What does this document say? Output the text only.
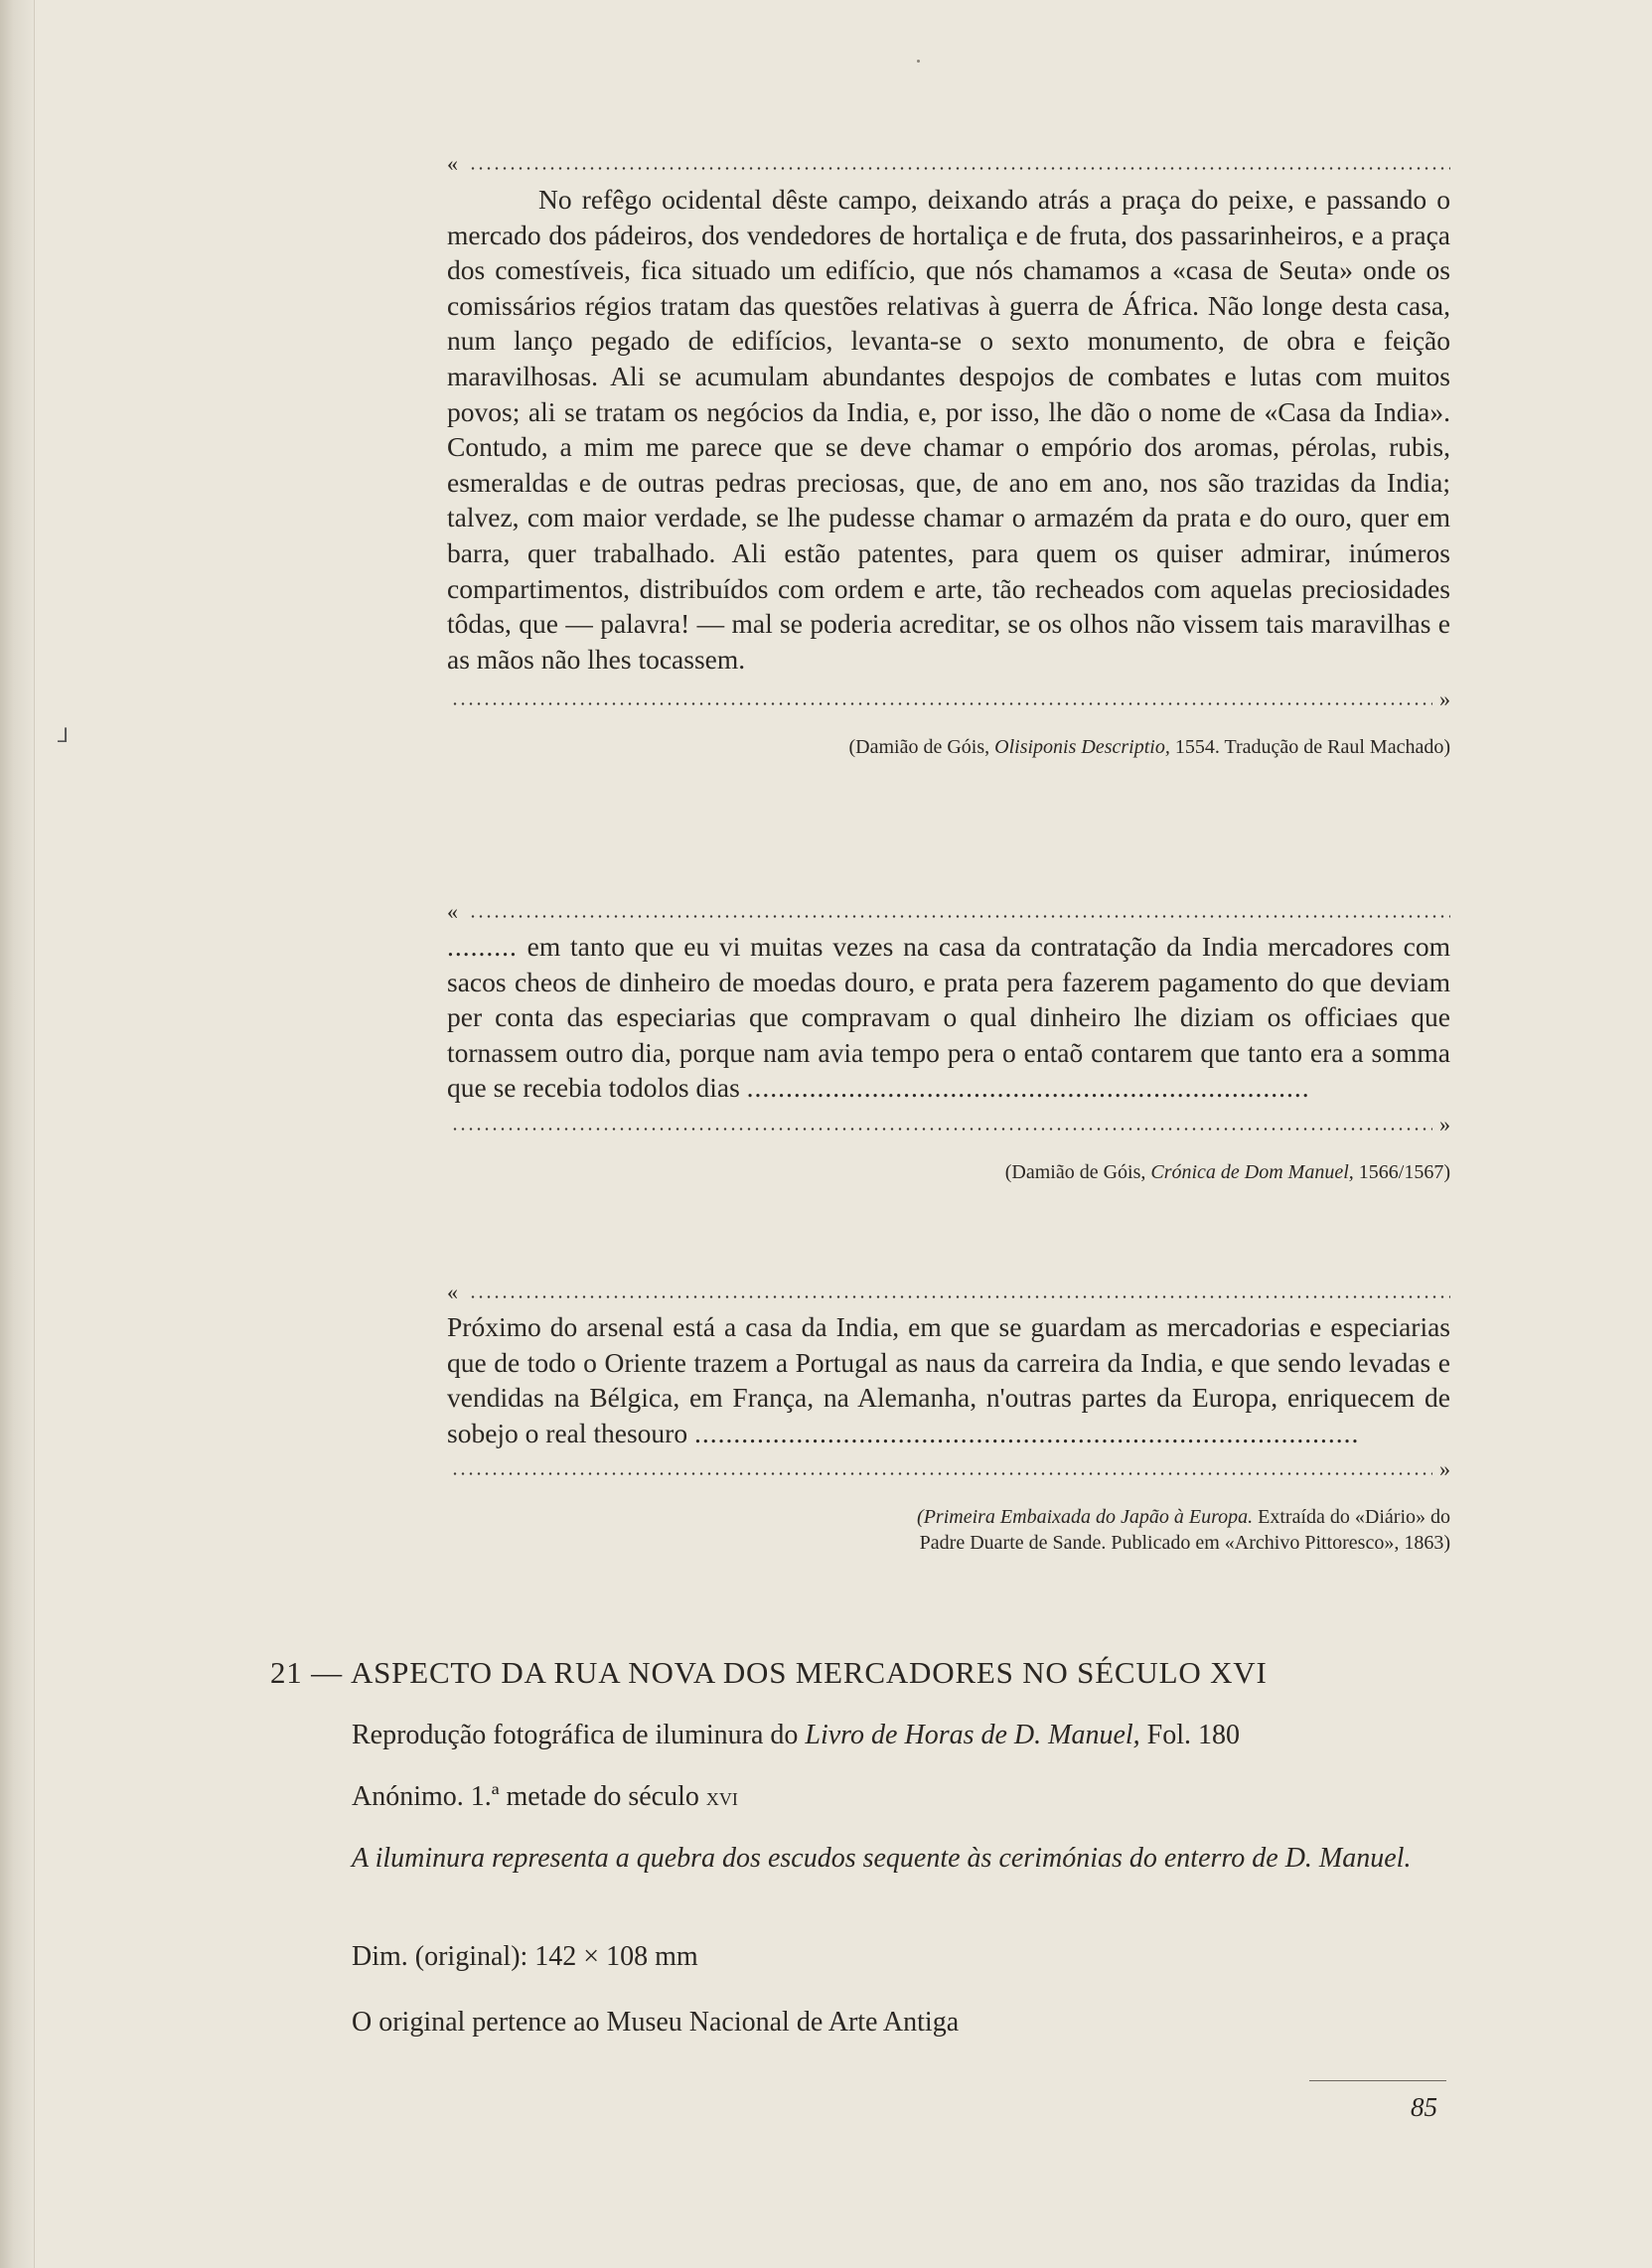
⅃
«
No refêgo ocidental dêste campo, deixando atrás a praça do peixe, e passando o mercado dos pádeiros, dos vendedores de hortaliça e de fruta, dos passarinheiros, e a praça dos comestíveis, fica situado um edifício, que nós chamamos a «casa de Seuta» onde os comissários régios tratam das questões relativas à guerra de África. Não longe desta casa, num lanço pegado de edifícios, levanta-se o sexto monumento, de obra e feição maravilhosas. Ali se acumulam abundantes despojos de combates e lutas com muitos povos; ali se tratam os negócios da India, e, por isso, lhe dão o nome de «Casa da India». Contudo, a mim me parece que se deve chamar o empório dos aromas, pérolas, rubis, esmeraldas e de outras pedras preciosas, que, de ano em ano, nos são trazidas da India; talvez, com maior verdade, se lhe pudesse chamar o armazém da prata e do ouro, quer em barra, quer trabalhado. Ali estão patentes, para quem os quiser admirar, inúmeros compartimentos, distribuídos com ordem e arte, tão recheados com aquelas preciosidades tôdas, que — palavra! — mal se poderia acreditar, se os olhos não vissem tais maravilhas e as mãos não lhes tocassem.
»

(Damião de Góis, Olisiponis Descriptio, 1554. Tradução de Raul Machado)

«
......... em tanto que eu vi muitas vezes na casa da contratação da India mercadores com sacos cheos de dinheiro de moedas douro, e prata pera fazerem pagamento do que deviam per conta das especiarias que compravam o qual dinheiro lhe diziam os officiaes que tornassem outro dia, porque nam avia tempo pera o entaõ contarem que tanto era a somma que se recebia todolos dias ........................................................................
»

(Damião de Góis, Crónica de Dom Manuel, 1566/1567)

«
Próximo do arsenal está a casa da India, em que se guardam as mercadorias e especiarias que de todo o Oriente trazem a Portugal as naus da carreira da India, e que sendo levadas e vendidas na Bélgica, em França, na Alemanha, n'outras partes da Europa, enriquecem de sobejo o real thesouro .....................................................................................
»

(Primeira Embaixada do Japão à Europa. Extraída do «Diário» do
Padre Duarte de Sande. Publicado em «Archivo Pittoresco», 1863)

21 — ASPECTO DA RUA NOVA DOS MERCADORES NO SÉCULO XVI

Reprodução fotográfica de iluminura do Livro de Horas de D. Manuel, Fol. 180

Anónimo. 1.ª metade do século xvi

A iluminura representa a quebra dos escudos sequente às cerimónias do enterro de D. Manuel.

Dim. (original): 142 × 108 mm

O original pertence ao Museu Nacional de Arte Antiga

85
